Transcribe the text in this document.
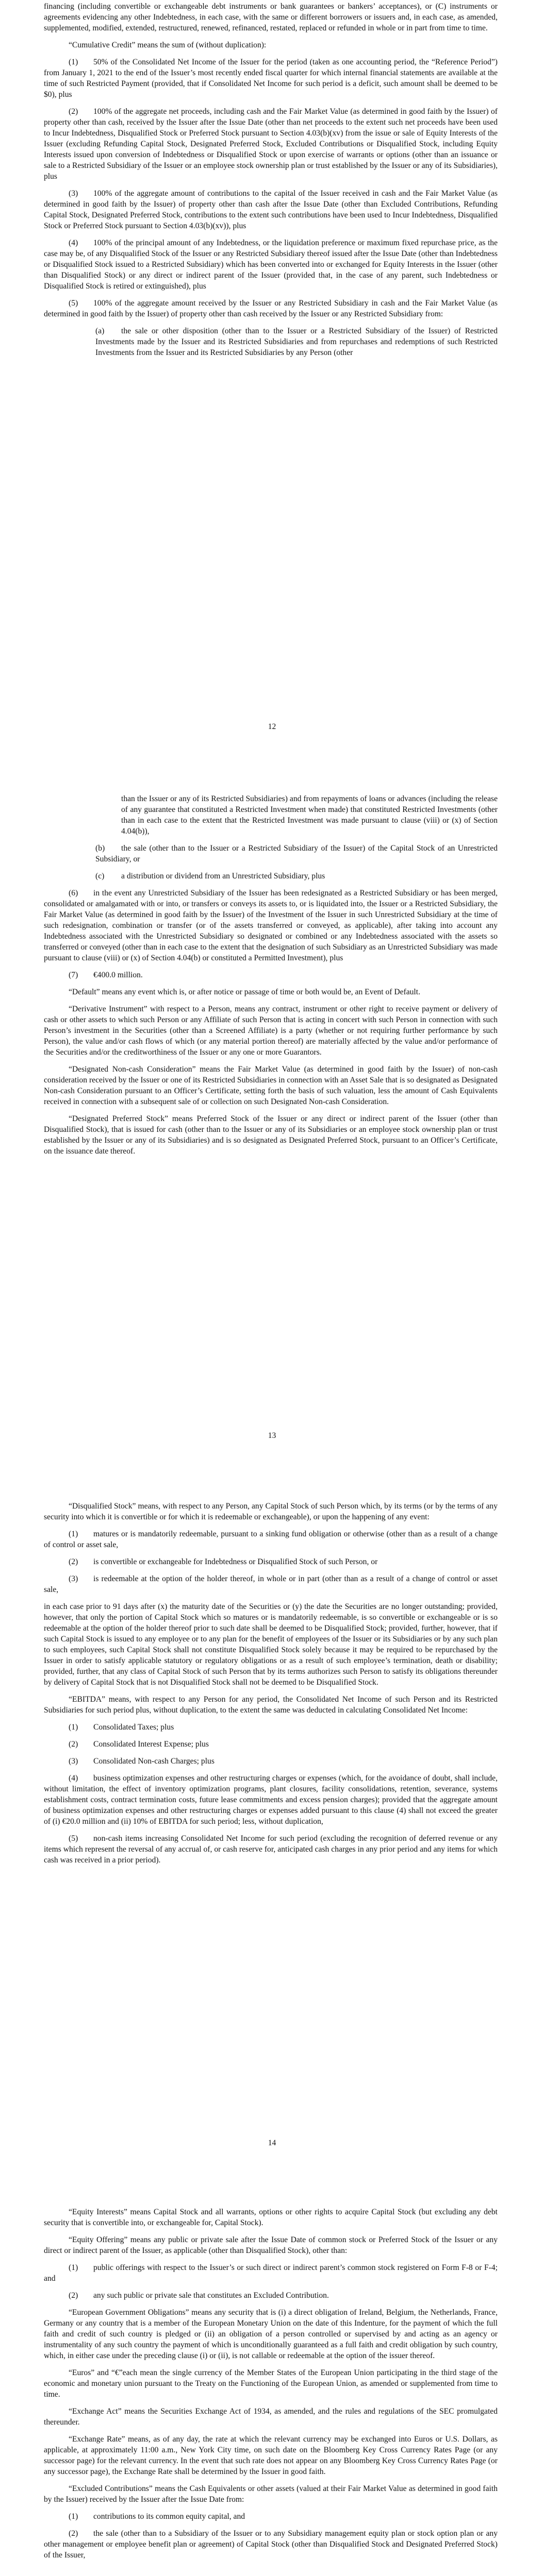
financing (including convertible or exchangeable debt instruments or bank guarantees or bankers’ acceptances), or (C) instruments or agreements evidencing any other Indebtedness, in each case, with the same or different borrowers or issuers and, in each case, as amended, supplemented, modified, extended, restructured, renewed, refinanced, restated, replaced or refunded in whole or in part from time to time.

“Cumulative Credit” means the sum of (without duplication):

(1) 50% of the Consolidated Net Income of the Issuer for the period (taken as one accounting period, the “Reference Period”) from January 1, 2021 to the end of the Issuer’s most recently ended fiscal quarter for which internal financial statements are available at the time of such Restricted Payment (provided, that if Consolidated Net Income for such period is a deficit, such amount shall be deemed to be $0), plus

(2) 100% of the aggregate net proceeds, including cash and the Fair Market Value (as determined in good faith by the Issuer) of property other than cash, received by the Issuer after the Issue Date (other than net proceeds to the extent such net proceeds have been used to Incur Indebtedness, Disqualified Stock or Preferred Stock pursuant to Section 4.03(b)(xv) from the issue or sale of Equity Interests of the Issuer (excluding Refunding Capital Stock, Designated Preferred Stock, Excluded Contributions or Disqualified Stock, including Equity Interests issued upon conversion of Indebtedness or Disqualified Stock or upon exercise of warrants or options (other than an issuance or sale to a Restricted Subsidiary of the Issuer or an employee stock ownership plan or trust established by the Issuer or any of its Subsidiaries), plus

(3) 100% of the aggregate amount of contributions to the capital of the Issuer received in cash and the Fair Market Value (as determined in good faith by the Issuer) of property other than cash after the Issue Date (other than Excluded Contributions, Refunding Capital Stock, Designated Preferred Stock, contributions to the extent such contributions have been used to Incur Indebtedness, Disqualified Stock or Preferred Stock pursuant to Section 4.03(b)(xv)), plus

(4) 100% of the principal amount of any Indebtedness, or the liquidation preference or maximum fixed repurchase price, as the case may be, of any Disqualified Stock of the Issuer or any Restricted Subsidiary thereof issued after the Issue Date (other than Indebtedness or Disqualified Stock issued to a Restricted Subsidiary) which has been converted into or exchanged for Equity Interests in the Issuer (other than Disqualified Stock) or any direct or indirect parent of the Issuer (provided that, in the case of any parent, such Indebtedness or Disqualified Stock is retired or extinguished), plus

(5) 100% of the aggregate amount received by the Issuer or any Restricted Subsidiary in cash and the Fair Market Value (as determined in good faith by the Issuer) of property other than cash received by the Issuer or any Restricted Subsidiary from:

(a) the sale or other disposition (other than to the Issuer or a Restricted Subsidiary of the Issuer) of Restricted Investments made by the Issuer and its Restricted Subsidiaries and from repurchases and redemptions of such Restricted Investments from the Issuer and its Restricted Subsidiaries by any Person (other

12

than the Issuer or any of its Restricted Subsidiaries) and from repayments of loans or advances (including the release of any guarantee that constituted a Restricted Investment when made) that constituted Restricted Investments (other than in each case to the extent that the Restricted Investment was made pursuant to clause (viii) or (x) of Section 4.04(b)),

(b) the sale (other than to the Issuer or a Restricted Subsidiary of the Issuer) of the Capital Stock of an Unrestricted Subsidiary, or

(c) a distribution or dividend from an Unrestricted Subsidiary, plus

(6) in the event any Unrestricted Subsidiary of the Issuer has been redesignated as a Restricted Subsidiary or has been merged, consolidated or amalgamated with or into, or transfers or conveys its assets to, or is liquidated into, the Issuer or a Restricted Subsidiary, the Fair Market Value (as determined in good faith by the Issuer) of the Investment of the Issuer in such Unrestricted Subsidiary at the time of such redesignation, combination or transfer (or of the assets transferred or conveyed, as applicable), after taking into account any Indebtedness associated with the Unrestricted Subsidiary so designated or combined or any Indebtedness associated with the assets so transferred or conveyed (other than in each case to the extent that the designation of such Subsidiary as an Unrestricted Subsidiary was made pursuant to clause (viii) or (x) of Section 4.04(b) or constituted a Permitted Investment), plus

(7) €400.0 million.

“Default” means any event which is, or after notice or passage of time or both would be, an Event of Default.

“Derivative Instrument” with respect to a Person, means any contract, instrument or other right to receive payment or delivery of cash or other assets to which such Person or any Affiliate of such Person that is acting in concert with such Person in connection with such Person’s investment in the Securities (other than a Screened Affiliate) is a party (whether or not requiring further performance by such Person), the value and/or cash flows of which (or any material portion thereof) are materially affected by the value and/or performance of the Securities and/or the creditworthiness of the Issuer or any one or more Guarantors.

“Designated Non-cash Consideration” means the Fair Market Value (as determined in good faith by the Issuer) of non-cash consideration received by the Issuer or one of its Restricted Subsidiaries in connection with an Asset Sale that is so designated as Designated Non-cash Consideration pursuant to an Officer’s Certificate, setting forth the basis of such valuation, less the amount of Cash Equivalents received in connection with a subsequent sale of or collection on such Designated Non-cash Consideration.

“Designated Preferred Stock” means Preferred Stock of the Issuer or any direct or indirect parent of the Issuer (other than Disqualified Stock), that is issued for cash (other than to the Issuer or any of its Subsidiaries or an employee stock ownership plan or trust established by the Issuer or any of its Subsidiaries) and is so designated as Designated Preferred Stock, pursuant to an Officer’s Certificate, on the issuance date thereof.

13

“Disqualified Stock” means, with respect to any Person, any Capital Stock of such Person which, by its terms (or by the terms of any security into which it is convertible or for which it is redeemable or exchangeable), or upon the happening of any event:

(1) matures or is mandatorily redeemable, pursuant to a sinking fund obligation or otherwise (other than as a result of a change of control or asset sale,

(2) is convertible or exchangeable for Indebtedness or Disqualified Stock of such Person, or

(3) is redeemable at the option of the holder thereof, in whole or in part (other than as a result of a change of control or asset sale,

in each case prior to 91 days after (x) the maturity date of the Securities or (y) the date the Securities are no longer outstanding; provided, however, that only the portion of Capital Stock which so matures or is mandatorily redeemable, is so convertible or exchangeable or is so redeemable at the option of the holder thereof prior to such date shall be deemed to be Disqualified Stock; provided, further, however, that if such Capital Stock is issued to any employee or to any plan for the benefit of employees of the Issuer or its Subsidiaries or by any such plan to such employees, such Capital Stock shall not constitute Disqualified Stock solely because it may be required to be repurchased by the Issuer in order to satisfy applicable statutory or regulatory obligations or as a result of such employee’s termination, death or disability; provided, further, that any class of Capital Stock of such Person that by its terms authorizes such Person to satisfy its obligations thereunder by delivery of Capital Stock that is not Disqualified Stock shall not be deemed to be Disqualified Stock.

“EBITDA” means, with respect to any Person for any period, the Consolidated Net Income of such Person and its Restricted Subsidiaries for such period plus, without duplication, to the extent the same was deducted in calculating Consolidated Net Income:

(1) Consolidated Taxes; plus

(2) Consolidated Interest Expense; plus

(3) Consolidated Non-cash Charges; plus

(4) business optimization expenses and other restructuring charges or expenses (which, for the avoidance of doubt, shall include, without limitation, the effect of inventory optimization programs, plant closures, facility consolidations, retention, severance, systems establishment costs, contract termination costs, future lease commitments and excess pension charges); provided that the aggregate amount of business optimization expenses and other restructuring charges or expenses added pursuant to this clause (4) shall not exceed the greater of (i) €20.0 million and (ii) 10% of EBITDA for such period; less, without duplication,

(5) non-cash items increasing Consolidated Net Income for such period (excluding the recognition of deferred revenue or any items which represent the reversal of any accrual of, or cash reserve for, anticipated cash charges in any prior period and any items for which cash was received in a prior period).

14

“Equity Interests” means Capital Stock and all warrants, options or other rights to acquire Capital Stock (but excluding any debt security that is convertible into, or exchangeable for, Capital Stock).

“Equity Offering” means any public or private sale after the Issue Date of common stock or Preferred Stock of the Issuer or any direct or indirect parent of the Issuer, as applicable (other than Disqualified Stock), other than:

(1) public offerings with respect to the Issuer’s or such direct or indirect parent’s common stock registered on Form F-8 or F-4; and

(2) any such public or private sale that constitutes an Excluded Contribution.

“European Government Obligations” means any security that is (i) a direct obligation of Ireland, Belgium, the Netherlands, France, Germany or any country that is a member of the European Monetary Union on the date of this Indenture, for the payment of which the full faith and credit of such country is pledged or (ii) an obligation of a person controlled or supervised by and acting as an agency or instrumentality of any such country the payment of which is unconditionally guaranteed as a full faith and credit obligation by such country, which, in either case under the preceding clause (i) or (ii), is not callable or redeemable at the option of the issuer thereof.

“Euros” and “€”each mean the single currency of the Member States of the European Union participating in the third stage of the economic and monetary union pursuant to the Treaty on the Functioning of the European Union, as amended or supplemented from time to time.

“Exchange Act” means the Securities Exchange Act of 1934, as amended, and the rules and regulations of the SEC promulgated thereunder.

“Exchange Rate” means, as of any day, the rate at which the relevant currency may be exchanged into Euros or U.S. Dollars, as applicable, at approximately 11:00 a.m., New York City time, on such date on the Bloomberg Key Cross Currency Rates Page (or any successor page) for the relevant currency. In the event that such rate does not appear on any Bloomberg Key Cross Currency Rates Page (or any successor page), the Exchange Rate shall be determined by the Issuer in good faith.

“Excluded Contributions” means the Cash Equivalents or other assets (valued at their Fair Market Value as determined in good faith by the Issuer) received by the Issuer after the Issue Date from:

(1) contributions to its common equity capital, and

(2) the sale (other than to a Subsidiary of the Issuer or to any Subsidiary management equity plan or stock option plan or any other management or employee benefit plan or agreement) of Capital Stock (other than Disqualified Stock and Designated Preferred Stock) of the Issuer,
